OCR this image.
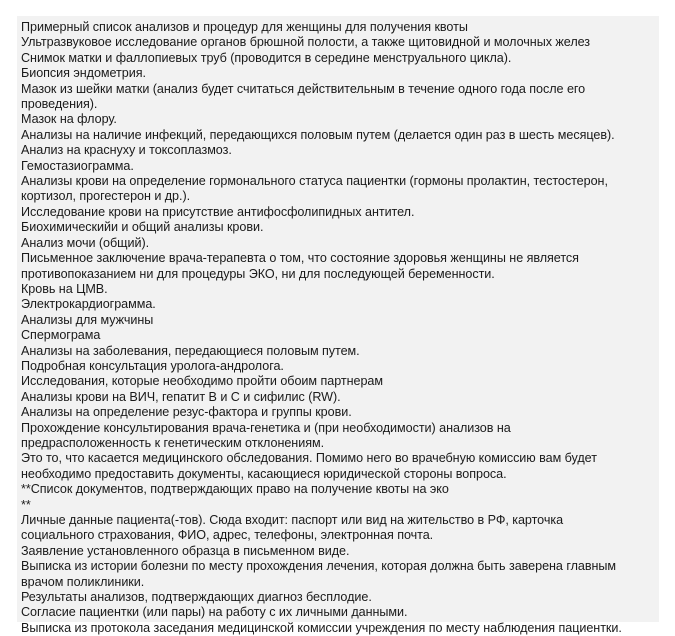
Примерный список анализов и процедур для женщины для получения квоты
Ультразвуковое исследование органов брюшной полости, а также щитовидной и молочных желез
Снимок матки и фаллопиевых труб (проводится в середине менструального цикла).
Биопсия эндометрия.
Мазок из шейки матки (анализ будет считаться действительным в течение одного года после его
проведения).
Мазок на флору.
Анализы на наличие инфекций, передающихся половым путем (делается один раз в шесть месяцев).
Анализ на краснуху и токсоплазмоз.
Гемостазиограмма.
Анализы крови на определение гормонального статуса пациентки (гормоны пролактин, тестостерон,
кортизол, прогестерон и др.).
Исследование крови на присутствие антифосфолипидных антител.
Биохимическийи и общий анализы крови.
Анализ мочи (общий).
Письменное заключение врача-терапевта о том, что состояние здоровья женщины не является
противопоказанием ни для процедуры ЭКО, ни для последующей беременности.
Кровь на ЦМВ.
Электрокардиограмма.
Анализы для мужчины
Спермограма
Анализы на заболевания, передающиеся половым путем.
Подробная консультация уролога-андролога.
Исследования, которые необходимо пройти обоим партнерам
Анализы крови на ВИЧ, гепатит В и С и сифилис (RW).
Анализы на определение резус-фактора и группы крови.
Прохождение консультирования врача-генетика и (при необходимости) анализов на
предрасположенность к генетическим отклонениям.
Это то, что касается медицинского обследования. Помимо него во врачебную комиссию вам будет
необходимо предоставить документы, касающиеся юридической стороны вопроса.
**Список документов, подтверждающих право на получение квоты на эко
**
Личные данные пациента(-тов). Сюда входит: паспорт или вид на жительство в РФ, карточка
социального страхования, ФИО, адрес, телефоны, электронная почта.
Заявление установленного образца в письменном виде.
Выписка из истории болезни по месту прохождения лечения, которая должна быть заверена главным
врачом поликлиники.
Результаты анализов, подтверждающих диагноз бесплодие.
Согласие пациентки (или пары) на работу с их личными данными.
Выписка из протокола заседания медицинской комиссии учреждения по месту наблюдения пациентки.
